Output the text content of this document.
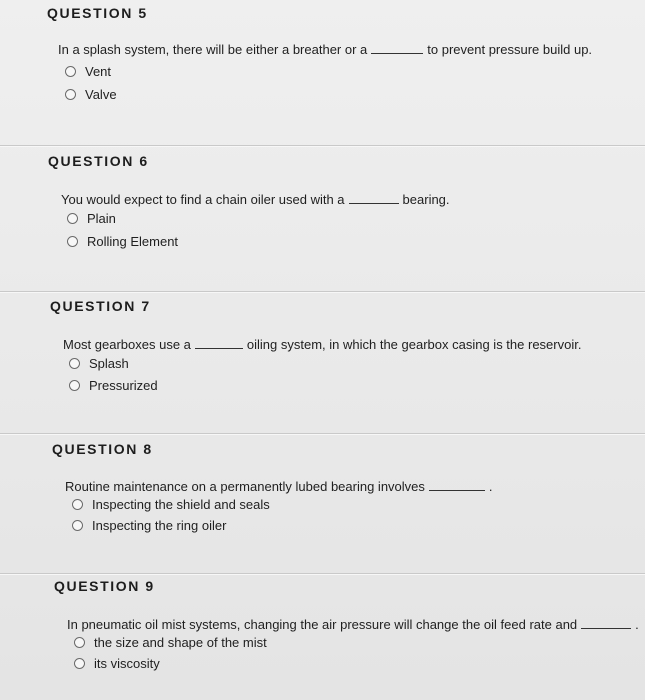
QUESTION 5
In a splash system, there will be either a breather or a	to prevent pressure build up.
Vent
Valve
QUESTION 6
You would expect to find a chain oiler used with a	bearing.
Plain
Rolling Element
QUESTION 7
Most gearboxes use a	oiling system, in which the gearbox casing is the reservoir.
Splash
Pressurized
QUESTION 8
Routine maintenance on a permanently lubed bearing involves	.
Inspecting the shield and seals
Inspecting the ring oiler
QUESTION 9
In pneumatic oil mist systems, changing the air pressure will change the oil feed rate and	.
the size and shape of the mist
its viscosity
